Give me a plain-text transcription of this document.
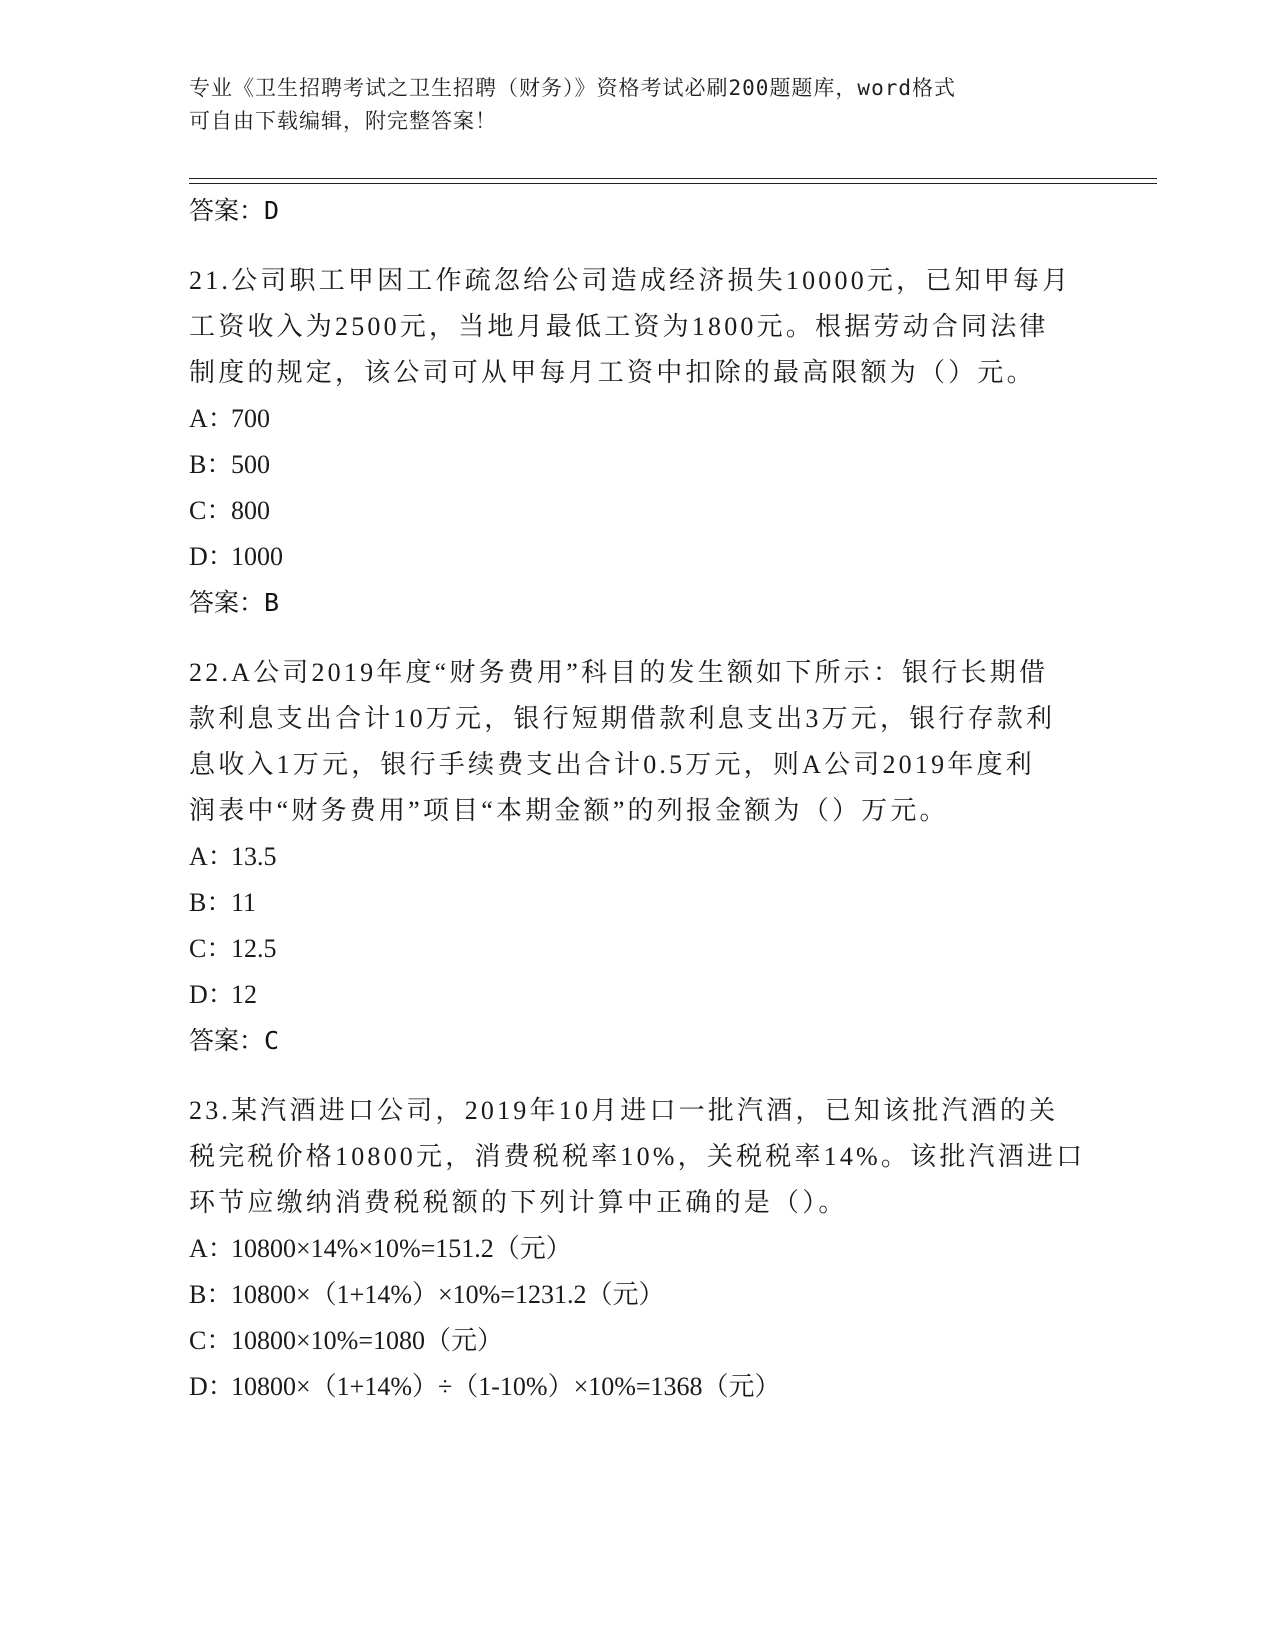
专业《卫生招聘考试之卫生招聘（财务）》资格考试必刷200题题库，word格式
可自由下载编辑，附完整答案！
答案：D
21.公司职工甲因工作疏忽给公司造成经济损失10000元，已知甲每月
工资收入为2500元，当地月最低工资为1800元。根据劳动合同法律
制度的规定，该公司可从甲每月工资中扣除的最高限额为（）元。
A：700
B：500
C：800
D：1000
答案：B
22.A公司2019年度“财务费用”科目的发生额如下所示：银行长期借
款利息支出合计10万元，银行短期借款利息支出3万元，银行存款利
息收入1万元，银行手续费支出合计0.5万元，则A公司2019年度利
润表中“财务费用”项目“本期金额”的列报金额为（）万元。
A：13.5
B：11
C：12.5
D：12
答案：C
23.某汽酒进口公司，2019年10月进口一批汽酒，已知该批汽酒的关
税完税价格10800元，消费税税率10%，关税税率14%。该批汽酒进口
环节应缴纳消费税税额的下列计算中正确的是（）。
A：10800×14%×10%=151.2（元）
B：10800×（1+14%）×10%=1231.2（元）
C：10800×10%=1080（元）
D：10800×（1+14%）÷（1-10%）×10%=1368（元）
